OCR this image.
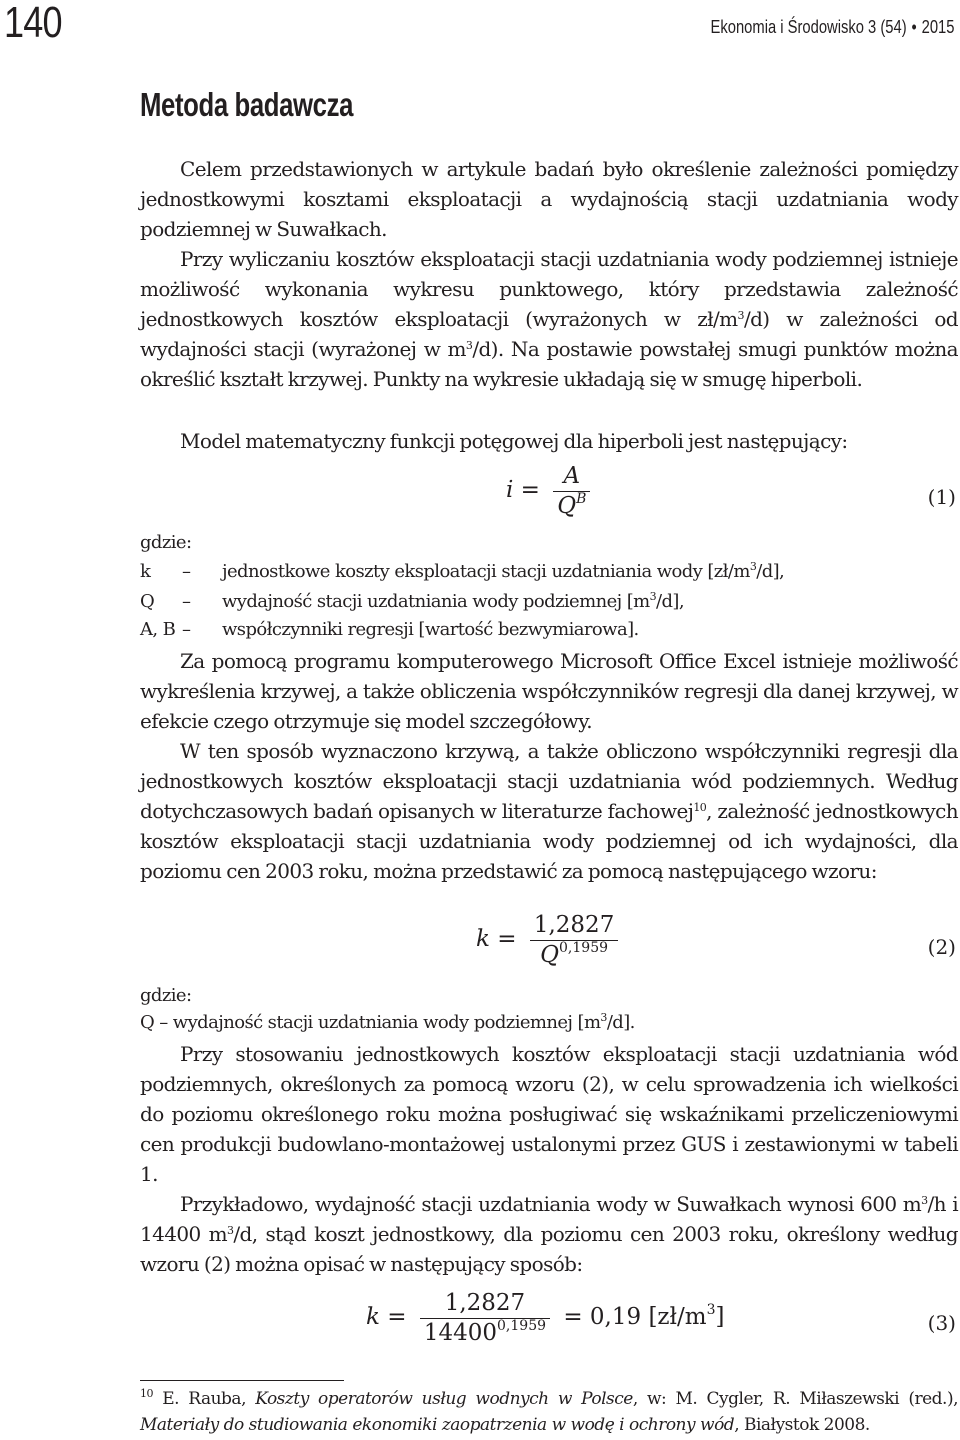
140	Ekonomia i Środowisko 3 (54) • 2015
Metoda badawcza

Celem przedstawionych w artykule badań było określenie zależności pomiędzy jednostkowymi kosztami eksploatacji a wydajnością stacji uzdatniania wody podziemnej w Suwałkach.

Przy wyliczaniu kosztów eksploatacji stacji uzdatniania wody podziemnej istnieje możliwość wykonania wykresu punktowego, który przedstawia zależność jednostkowych kosztów eksploatacji (wyrażonych w $zł/m^3/d$) w zależności od wydajności stacji (wyrażonej w $m^3/d$). Na postawie powstałej smugi punktów można określić kształt krzywej. Punkty na wykresie układają się w smugę hiperboli.

Model matematyczny funkcji potęgowej dla hiperboli jest następujący:

$i = \frac{A}{Q^B}$	(1)
gdzie:
k – jednostkowe koszty eksploatacji stacji uzdatniania wody $[zł/m^3/d]$,
Q – wydajność stacji uzdatniania wody podziemnej $[m^3/d]$,
A, B – współczynniki regresji [wartość bezwymiarowa].

Za pomocą programu komputerowego Microsoft Office Excel istnieje możliwość wykreślenia krzywej, a także obliczenia współczynników regresji dla danej krzywej, w efekcie czego otrzymuje się model szczegółowy.

W ten sposób wyznaczono krzywą, a także obliczono współczynniki regresji dla jednostkowych kosztów eksploatacji stacji uzdatniania wód podziemnych. Według dotychczasowych badań opisanych w literaturze fachowej$^{10}$, zależność jednostkowych kosztów eksploatacji stacji uzdatniania wody podziemnej od ich wydajności, dla poziomu cen 2003 roku, można przedstawić za pomocą następującego wzoru:

$k = \frac{1,2827}{Q^{0,1959}}$	(2)
gdzie:
Q – wydajność stacji uzdatniania wody podziemnej $[m^3/d]$.

Przy stosowaniu jednostkowych kosztów eksploatacji stacji uzdatniania wód podziemnych, określonych za pomocą wzoru (2), w celu sprowadzenia ich wielkości do poziomu określonego roku można posługiwać się wskaźnikami przeliczeniowymi cen produkcji budowlano-montażowej ustalonymi przez GUS i zestawionymi w tabeli 1.

Przykładowo, wydajność stacji uzdatniania wody w Suwałkach wynosi 600 $m^3/h$ i 14400 $m^3/d$, stąd koszt jednostkowy, dla poziomu cen 2003 roku, określony według wzoru (2) można opisać w następujący sposób:

$k = \frac{1,2827}{14400^{0,1959}} = 0,19$ $[zł/m^3]$	(3)

$^{10}$ E. Rauba, Koszty operatorów usług wodnych w Polsce, w: M. Cygler, R. Miłaszewski (red.), Materiały do studiowania ekonomiki zaopatrzenia w wodę i ochrony wód, Białystok 2008.
